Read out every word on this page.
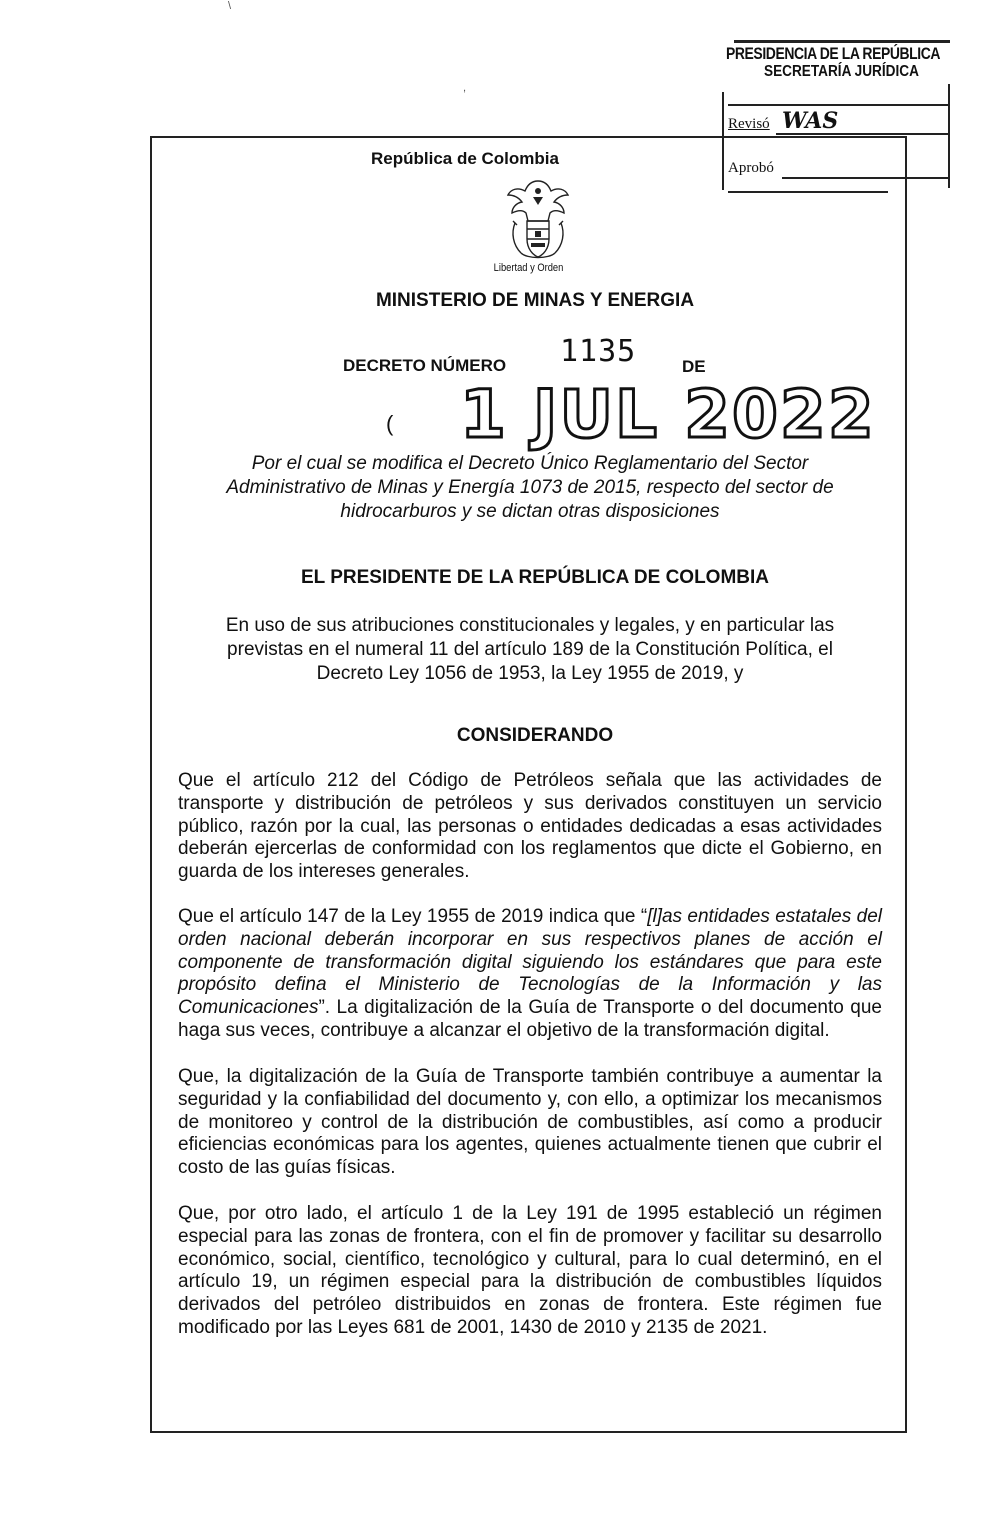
\
,
PRESIDENCIA DE LA REPÚBLICA
SECRETARÍA JURÍDICA
Revisó WAS
Aprobó
República de Colombia
Libertad y Orden
MINISTERIO DE MINAS Y ENERGIA
DECRETO NÚMERO 1135	DE
( 1 JUL 2022
Por el cual se modifica el Decreto Único Reglamentario del Sector Administrativo de Minas y Energía 1073 de 2015, respecto del sector de hidrocarburos y se dictan otras disposiciones
EL PRESIDENTE DE LA REPÚBLICA DE COLOMBIA
En uso de sus atribuciones constitucionales y legales, y en particular las previstas en el numeral 11 del artículo 189 de la Constitución Política, el Decreto Ley 1056 de 1953, la Ley 1955 de 2019, y
CONSIDERANDO
Que el artículo 212 del Código de Petróleos señala que las actividades de transporte y distribución de petróleos y sus derivados constituyen un servicio público, razón por la cual, las personas o entidades dedicadas a esas actividades deberán ejercerlas de conformidad con los reglamentos que dicte el Gobierno, en guarda de los intereses generales.
Que el artículo 147 de la Ley 1955 de 2019 indica que “[l]as entidades estatales del orden nacional deberán incorporar en sus respectivos planes de acción el componente de transformación digital siguiendo los estándares que para este propósito defina el Ministerio de Tecnologías de la Información y las Comunicaciones”. La digitalización de la Guía de Transporte o del documento que haga sus veces, contribuye a alcanzar el objetivo de la transformación digital.
Que, la digitalización de la Guía de Transporte también contribuye a aumentar la seguridad y la confiabilidad del documento y, con ello, a optimizar los mecanismos de monitoreo y control de la distribución de combustibles, así como a producir eficiencias económicas para los agentes, quienes actualmente tienen que cubrir el costo de las guías físicas.
Que, por otro lado, el artículo 1 de la Ley 191 de 1995 estableció un régimen especial para las zonas de frontera, con el fin de promover y facilitar su desarrollo económico, social, científico, tecnológico y cultural, para lo cual determinó, en el artículo 19, un régimen especial para la distribución de combustibles líquidos derivados del petróleo distribuidos en zonas de frontera. Este régimen fue modificado por las Leyes 681 de 2001, 1430 de 2010 y 2135 de 2021.
